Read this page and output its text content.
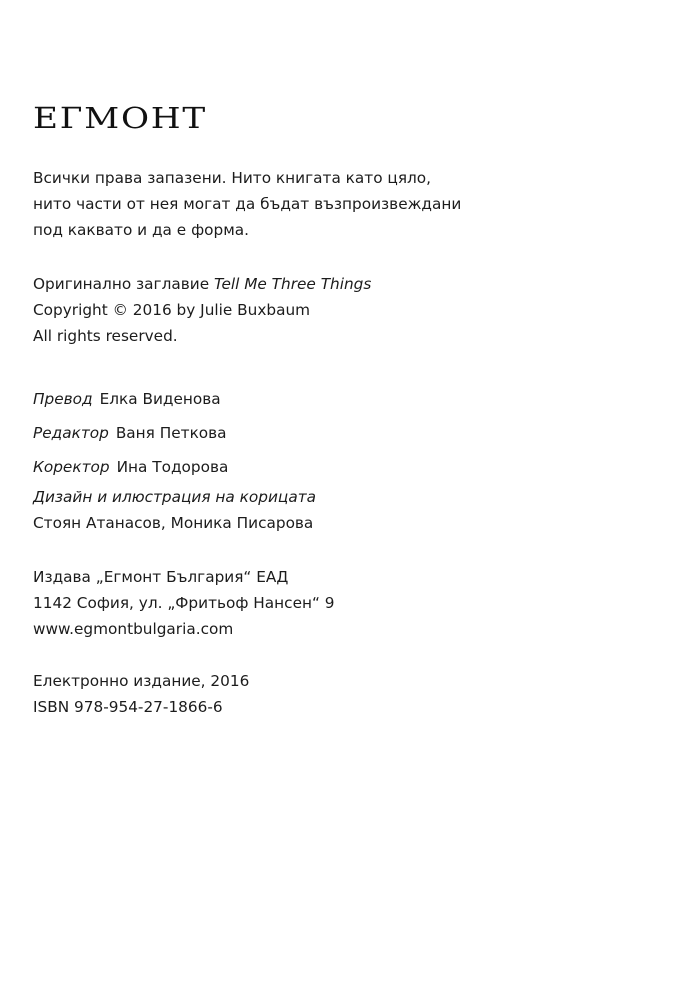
ЕГМОНТ
Всички права запазени. Нито книгата като цяло,
нито части от нея могат да бъдат възпроизвеждани
под каквато и да е форма.
Оригинално заглавие Tell Me Three Things
Copyright © 2016 by Julie Buxbaum
All rights reserved.
Превод Елка Виденова
Редактор Ваня Петкова
Коректор Ина Тодорова
Дизайн и илюстрация на корицата
Стоян Атанасов, Моника Писарова
Издава „Егмонт България“ ЕАД
1142 София, ул. „Фритьоф Нансен“ 9
www.egmontbulgaria.com
Електронно издание, 2016
ISBN 978-954-27-1866-6
